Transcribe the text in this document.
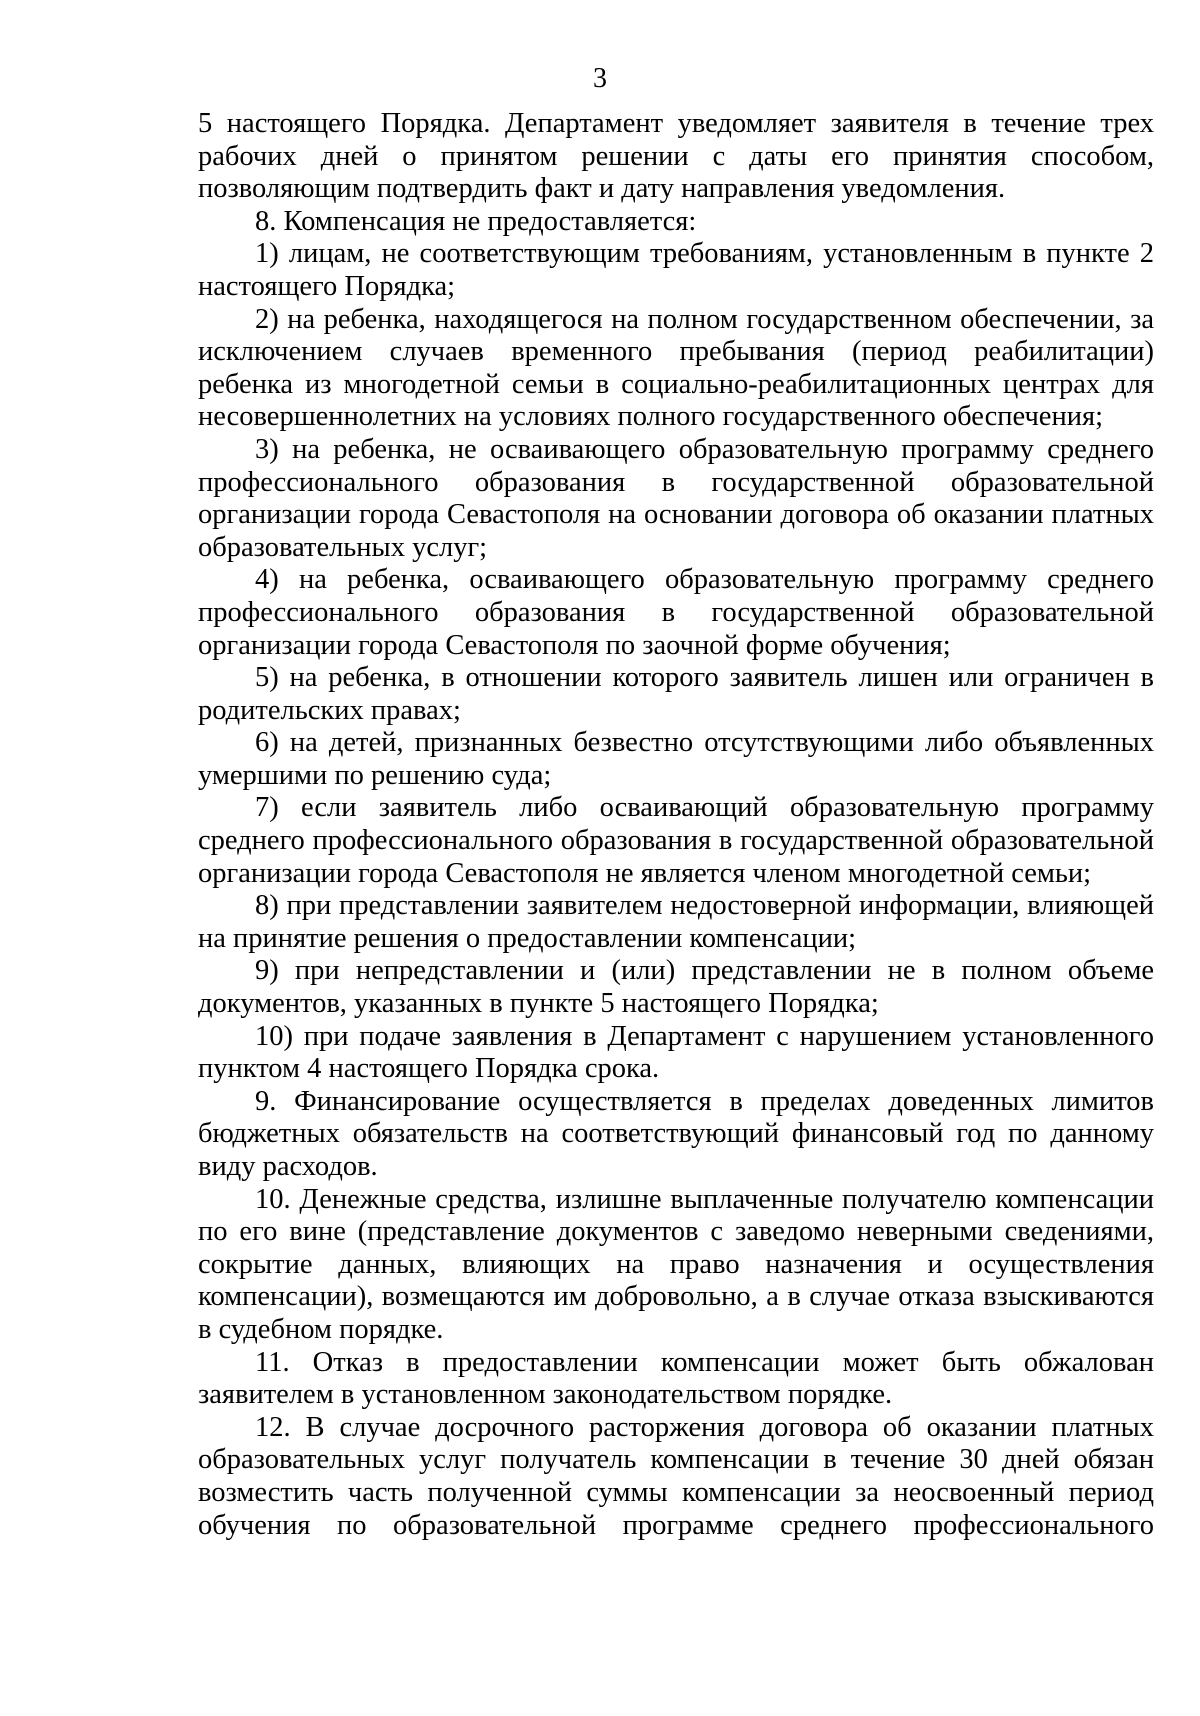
3

5 настоящего Порядка. Департамент уведомляет заявителя в течение трех рабочих дней о принятом решении с даты его принятия способом, позволяющим подтвердить факт и дату направления уведомления.

8. Компенсация не предоставляется:

1) лицам, не соответствующим требованиям, установленным в пункте 2 настоящего Порядка;

2) на ребенка, находящегося на полном государственном обеспечении, за исключением случаев временного пребывания (период реабилитации) ребенка из многодетной семьи в социально-реабилитационных центрах для несовершеннолетних на условиях полного государственного обеспечения;

3) на ребенка, не осваивающего образовательную программу среднего профессионального образования в государственной образовательной организации города Севастополя на основании договора об оказании платных образовательных услуг;

4) на ребенка, осваивающего образовательную программу среднего профессионального образования в государственной образовательной организации города Севастополя по заочной форме обучения;

5) на ребенка, в отношении которого заявитель лишен или ограничен в родительских правах;

6) на детей, признанных безвестно отсутствующими либо объявленных умершими по решению суда;

7) если заявитель либо осваивающий образовательную программу среднего профессионального образования в государственной образовательной организации города Севастополя не является членом многодетной семьи;

8) при представлении заявителем недостоверной информации, влияющей на принятие решения о предоставлении компенсации;

9) при непредставлении и (или) представлении не в полном объеме документов, указанных в пункте 5 настоящего Порядка;

10) при подаче заявления в Департамент с нарушением установленного пунктом 4 настоящего Порядка срока.

9. Финансирование осуществляется в пределах доведенных лимитов бюджетных обязательств на соответствующий финансовый год по данному виду расходов.

10. Денежные средства, излишне выплаченные получателю компенсации по его вине (представление документов с заведомо неверными сведениями, сокрытие данных, влияющих на право назначения и осуществления компенсации), возмещаются им добровольно, а в случае отказа взыскиваются в судебном порядке.

11. Отказ в предоставлении компенсации может быть обжалован заявителем в установленном законодательством порядке.

12. В случае досрочного расторжения договора об оказании платных образовательных услуг получатель компенсации в течение 30 дней обязан возместить часть полученной суммы компенсации за неосвоенный период обучения по образовательной программе среднего профессионального
